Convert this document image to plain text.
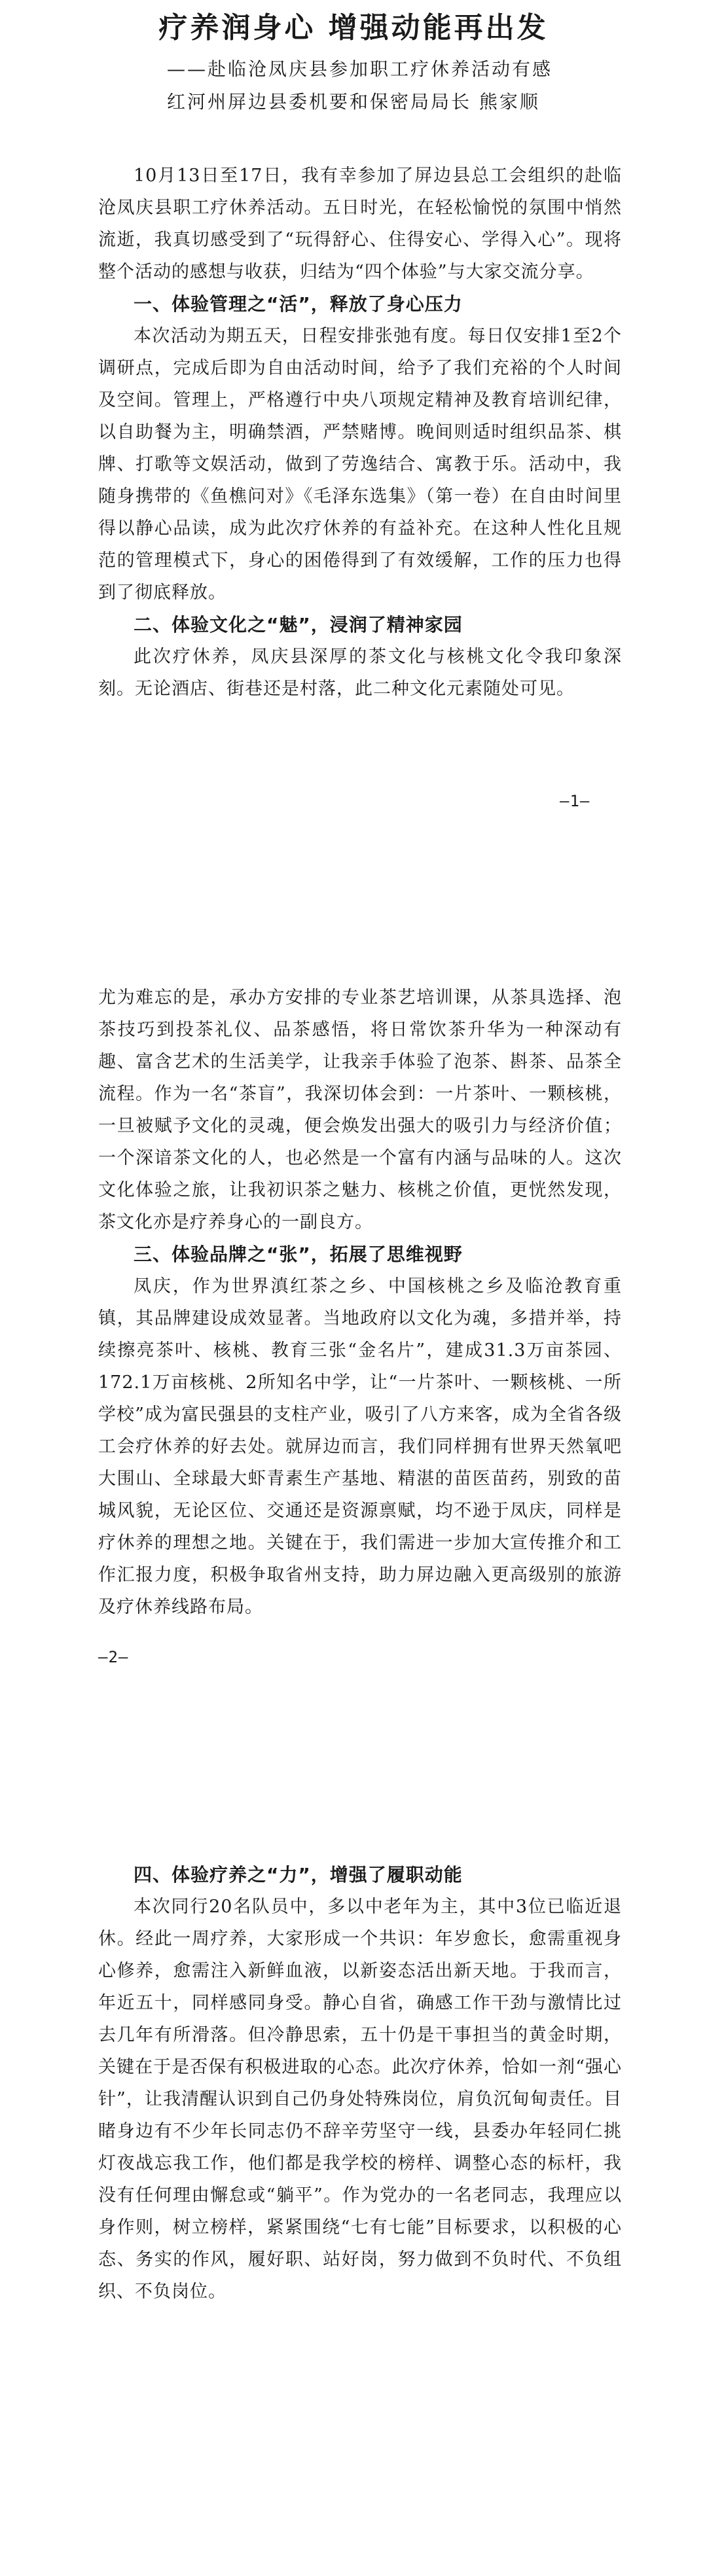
疗养润身心 增强动能再出发
——赴临沧凤庆县参加职工疗休养活动有感
红河州屏边县委机要和保密局局长 熊家顺

10月13日至17日，我有幸参加了屏边县总工会组织的赴临沧凤庆县职工疗休养活动。五日时光，在轻松愉悦的氛围中悄然流逝，我真切感受到了“玩得舒心、住得安心、学得入心”。现将整个活动的感想与收获，归结为“四个体验”与大家交流分享。

一、体验管理之“活”，释放了身心压力

本次活动为期五天，日程安排张弛有度。每日仅安排1至2个调研点，完成后即为自由活动时间，给予了我们充裕的个人时间及空间。管理上，严格遵行中央八项规定精神及教育培训纪律，以自助餐为主，明确禁酒，严禁赌博。晚间则适时组织品茶、棋牌、打歌等文娱活动，做到了劳逸结合、寓教于乐。活动中，我随身携带的《鱼樵问对》《毛泽东选集》（第一卷）在自由时间里得以静心品读，成为此次疗休养的有益补充。在这种人性化且规范的管理模式下，身心的困倦得到了有效缓解，工作的压力也得到了彻底释放。

二、体验文化之“魅”，浸润了精神家园

此次疗休养，凤庆县深厚的茶文化与核桃文化令我印象深刻。无论酒店、街巷还是村落，此二种文化元素随处可见。

—1—

尤为难忘的是，承办方安排的专业茶艺培训课，从茶具选择、泡茶技巧到投茶礼仪、品茶感悟，将日常饮茶升华为一种深动有趣、富含艺术的生活美学，让我亲手体验了泡茶、斟茶、品茶全流程。作为一名“茶盲”，我深切体会到：一片茶叶、一颗核桃，一旦被赋予文化的灵魂，便会焕发出强大的吸引力与经济价值；一个深谙茶文化的人，也必然是一个富有内涵与品味的人。这次文化体验之旅，让我初识茶之魅力、核桃之价值，更恍然发现，茶文化亦是疗养身心的一副良方。

三、体验品牌之“张”，拓展了思维视野

凤庆，作为世界滇红茶之乡、中国核桃之乡及临沧教育重镇，其品牌建设成效显著。当地政府以文化为魂，多措并举，持续擦亮茶叶、核桃、教育三张“金名片”，建成31.3万亩茶园、172.1万亩核桃、2所知名中学，让“一片茶叶、一颗核桃、一所学校”成为富民强县的支柱产业，吸引了八方来客，成为全省各级工会疗休养的好去处。就屏边而言，我们同样拥有世界天然氧吧大围山、全球最大虾青素生产基地、精湛的苗医苗药，别致的苗城风貌，无论区位、交通还是资源禀赋，均不逊于凤庆，同样是疗休养的理想之地。关键在于，我们需进一步加大宣传推介和工作汇报力度，积极争取省州支持，助力屏边融入更高级别的旅游及疗休养线路布局。

—2—

四、体验疗养之“力”，增强了履职动能

本次同行20名队员中，多以中老年为主，其中3位已临近退休。经此一周疗养，大家形成一个共识：年岁愈长，愈需重视身心修养，愈需注入新鲜血液，以新姿态活出新天地。于我而言，年近五十，同样感同身受。静心自省，确感工作干劲与激情比过去几年有所滑落。但冷静思索，五十仍是干事担当的黄金时期，关键在于是否保有积极进取的心态。此次疗休养，恰如一剂“强心针”，让我清醒认识到自己仍身处特殊岗位，肩负沉甸甸责任。目睹身边有不少年长同志仍不辞辛劳坚守一线，县委办年轻同仁挑灯夜战忘我工作，他们都是我学校的榜样、调整心态的标杆，我没有任何理由懈怠或“躺平”。作为党办的一名老同志，我理应以身作则，树立榜样，紧紧围绕“七有七能”目标要求，以积极的心态、务实的作风，履好职、站好岗，努力做到不负时代、不负组织、不负岗位。
